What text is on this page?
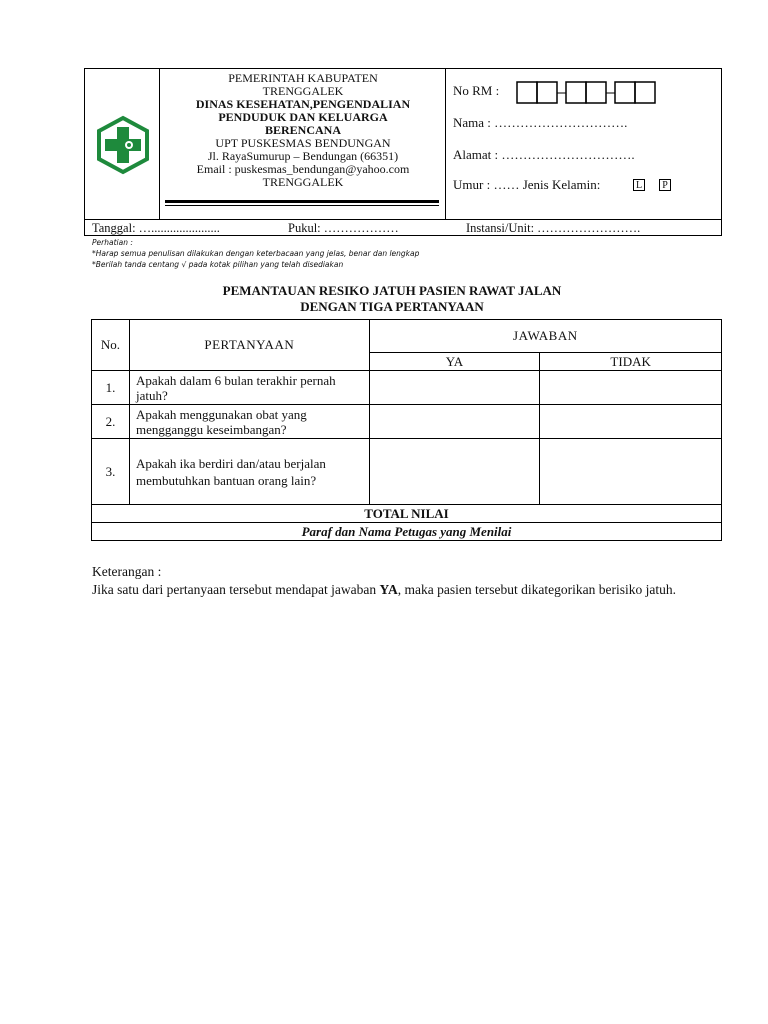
PEMERINTAH KABUPATEN
TRENGGALEK
DINAS KESEHATAN,PENGENDALIAN
PENDUDUK DAN KELUARGA
BERENCANA
UPT PUSKESMAS BENDUNGAN
Jl. RayaSumurup – Bendungan (66351)
Email : puskesmas_bendungan@yahoo.com
TRENGGALEK
No RM :
Nama : ………………………….
Alamat : ………………………….
Umur : …… Jenis Kelamin:	L	P
Tanggal: …......................	Pukul: ………………	Instansi/Unit: …………………….
Perhatian :
*Harap semua penulisan dilakukan dengan keterbacaan yang jelas, benar dan lengkap
*Berilah tanda centang √ pada kotak pilihan yang telah disediakan
PEMANTAUAN RESIKO JATUH PASIEN RAWAT JALAN
DENGAN TIGA PERTANYAAN
No.	PERTANYAAN	JAWABAN	
		YA	TIDAK
1.	Apakah dalam 6 bulan terakhir pernah jatuh?		
2.	Apakah menggunakan obat yang mengganggu keseimbangan?		
3.	Apakah ika berdiri dan/atau berjalan membutuhkan bantuan orang lain?		
TOTAL NILAI			
Paraf dan Nama Petugas yang Menilai			
Keterangan :
Jika satu dari pertanyaan tersebut mendapat jawaban YA, maka pasien tersebut dikategorikan berisiko jatuh.
